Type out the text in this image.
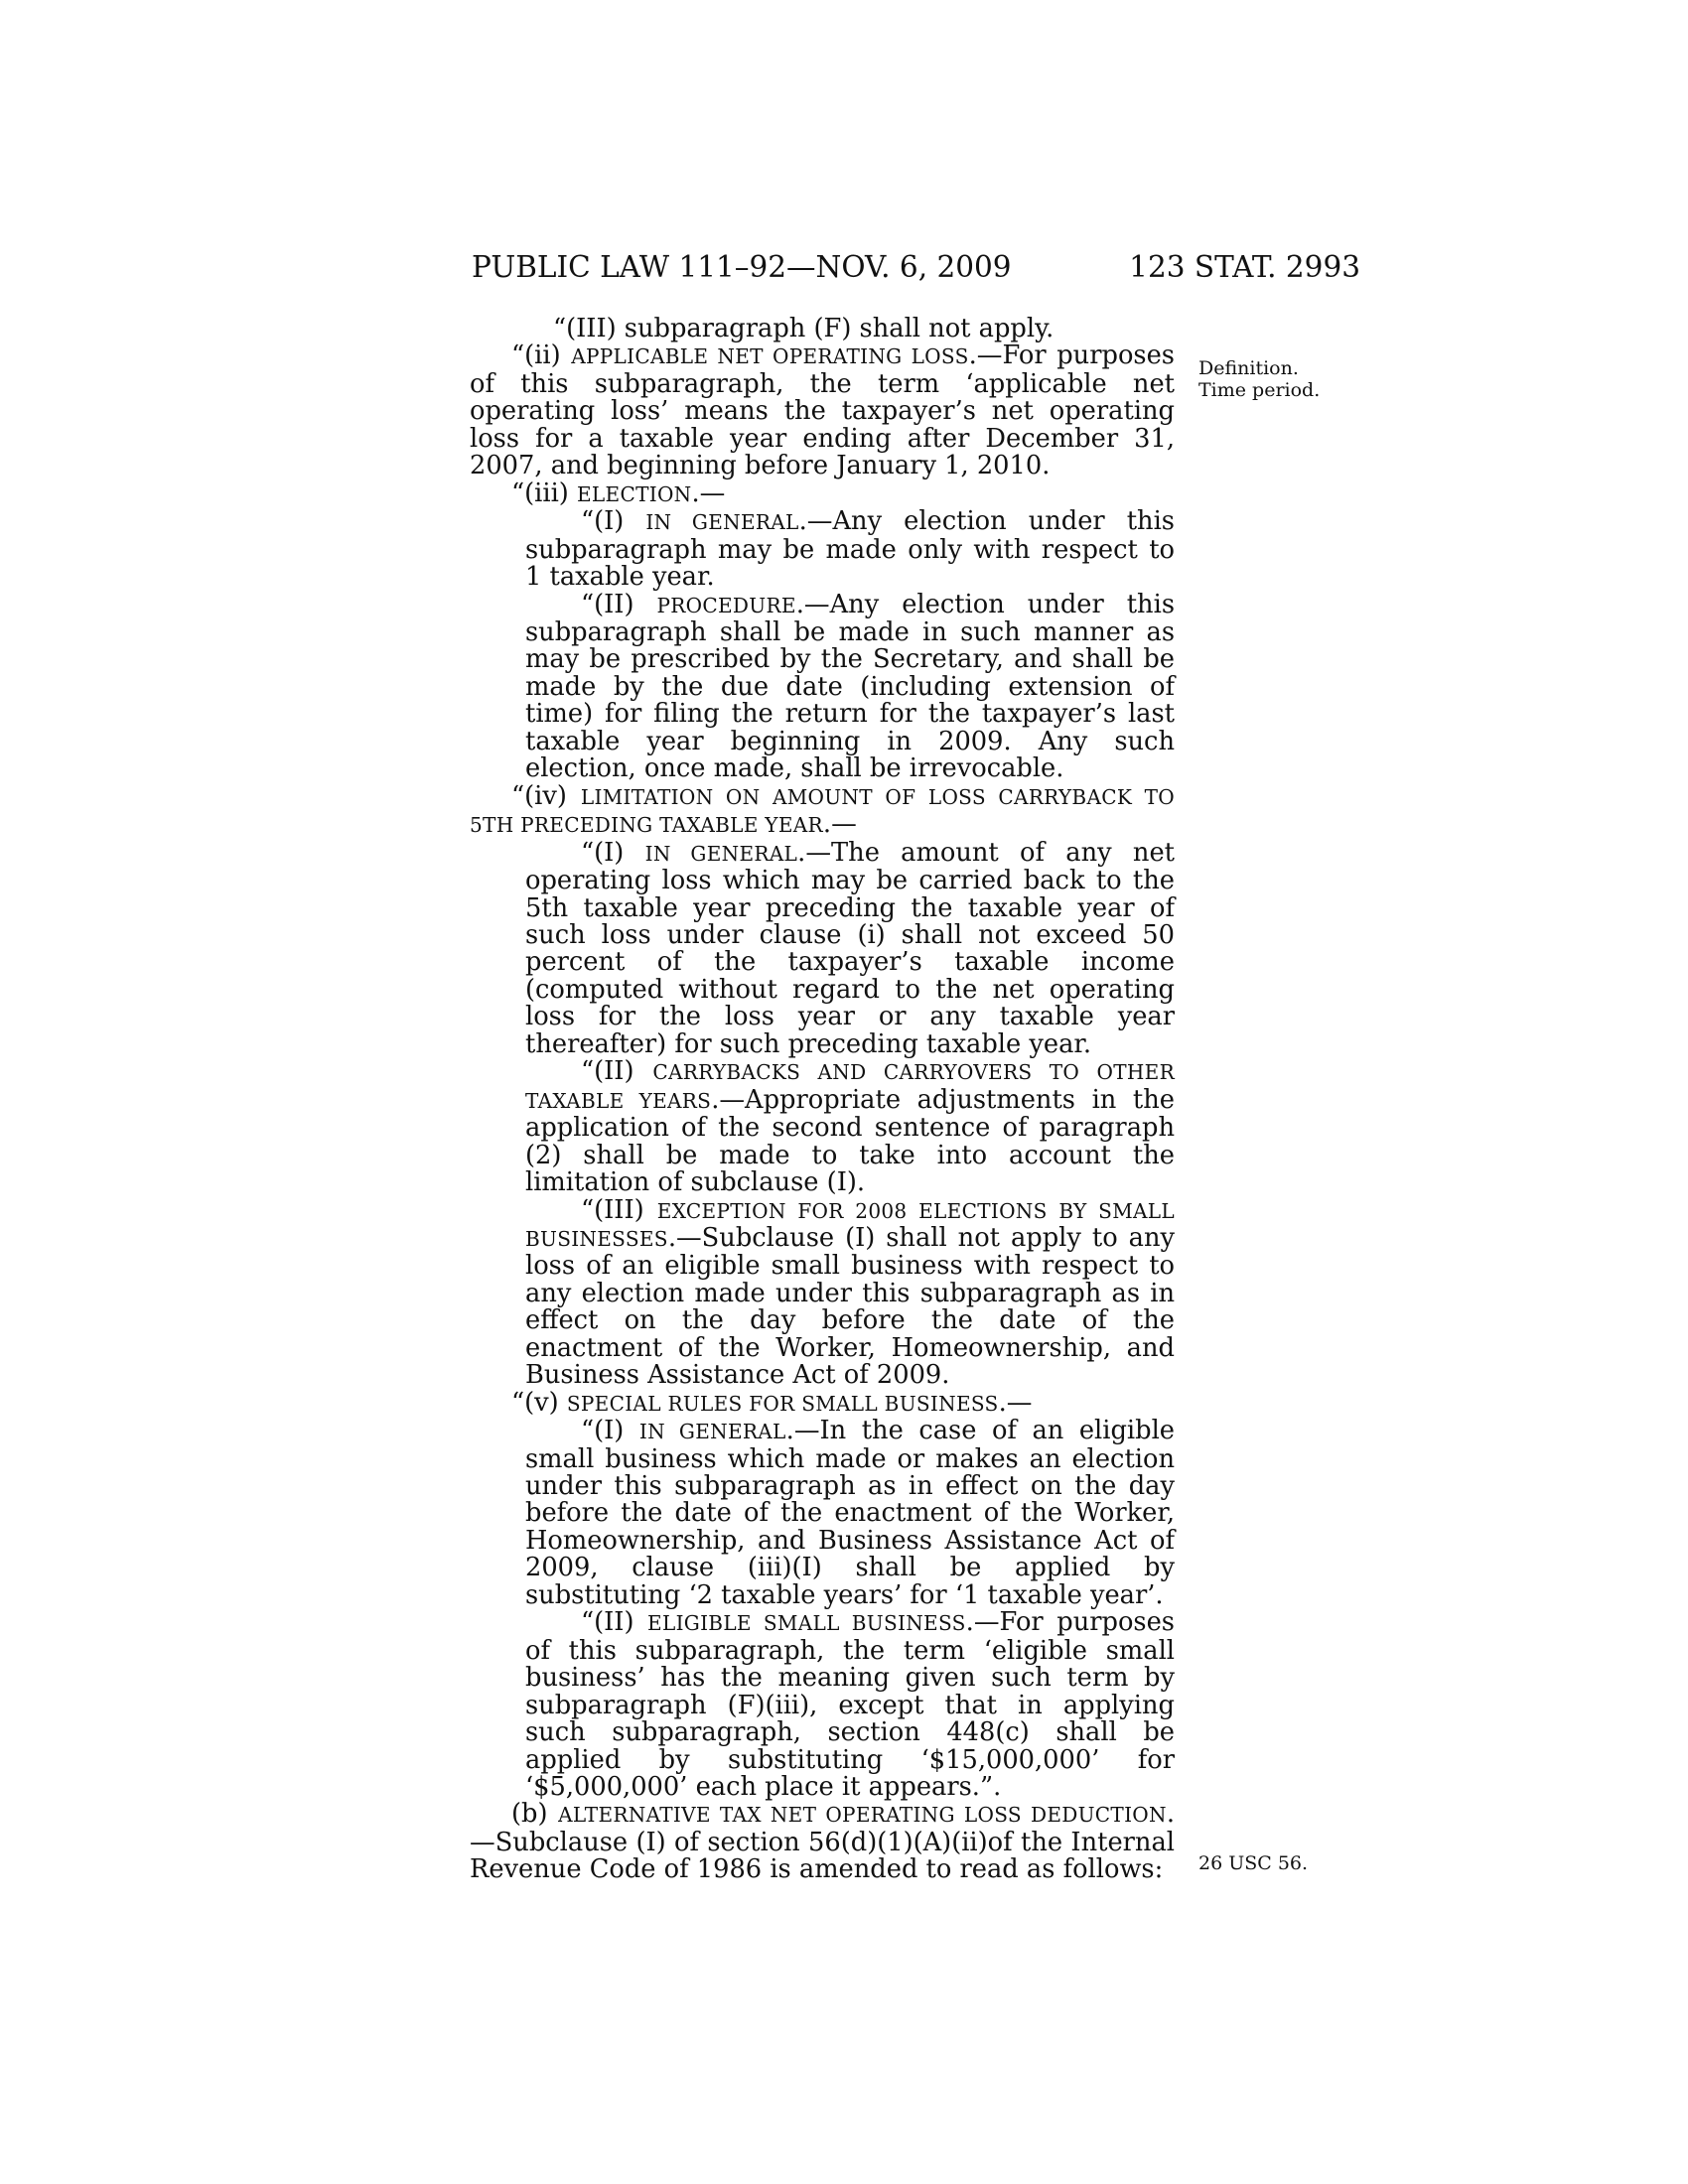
PUBLIC LAW 111–92—NOV. 6, 2009	123 STAT. 2993
Definition.
Time period.
26 USC 56.

“(III) subparagraph (F) shall not apply.

“(ii) APPLICABLE NET OPERATING LOSS.—For purposes of this subparagraph, the term ‘applicable net operating loss’ means the taxpayer’s net operating loss for a taxable year ending after December 31, 2007, and beginning before January 1, 2010.

“(iii) ELECTION.—

“(I) IN GENERAL.—Any election under this subparagraph may be made only with respect to 1 taxable year.

“(II) PROCEDURE.—Any election under this subparagraph shall be made in such manner as may be prescribed by the Secretary, and shall be made by the due date (including extension of time) for filing the return for the taxpayer’s last taxable year beginning in 2009. Any such election, once made, shall be irrevocable.

“(iv) LIMITATION ON AMOUNT OF LOSS CARRYBACK TO 5TH PRECEDING TAXABLE YEAR.—

“(I) IN GENERAL.—The amount of any net operating loss which may be carried back to the 5th taxable year preceding the taxable year of such loss under clause (i) shall not exceed 50 percent of the taxpayer’s taxable income (computed without regard to the net operating loss for the loss year or any taxable year thereafter) for such preceding taxable year.

“(II) CARRYBACKS AND CARRYOVERS TO OTHER TAXABLE YEARS.—Appropriate adjustments in the application of the second sentence of paragraph (2) shall be made to take into account the limitation of subclause (I).

“(III) EXCEPTION FOR 2008 ELECTIONS BY SMALL BUSINESSES.—Subclause (I) shall not apply to any loss of an eligible small business with respect to any election made under this subparagraph as in effect on the day before the date of the enactment of the Worker, Homeownership, and Business Assistance Act of 2009.

“(v) SPECIAL RULES FOR SMALL BUSINESS.—

“(I) IN GENERAL.—In the case of an eligible small business which made or makes an election under this subparagraph as in effect on the day before the date of the enactment of the Worker, Homeownership, and Business Assistance Act of 2009, clause (iii)(I) shall be applied by substituting ‘2 taxable years’ for ‘1 taxable year’.

“(II) ELIGIBLE SMALL BUSINESS.—For purposes of this subparagraph, the term ‘eligible small business’ has the meaning given such term by subparagraph (F)(iii), except that in applying such subparagraph, section 448(c) shall be applied by substituting ‘$15,000,000’ for ‘$5,000,000’ each place it appears.”.

(b) ALTERNATIVE TAX NET OPERATING LOSS DEDUCTION.—Subclause (I) of section 56(d)(1)(A)(ii)of the Internal Revenue Code of 1986 is amended to read as follows:
